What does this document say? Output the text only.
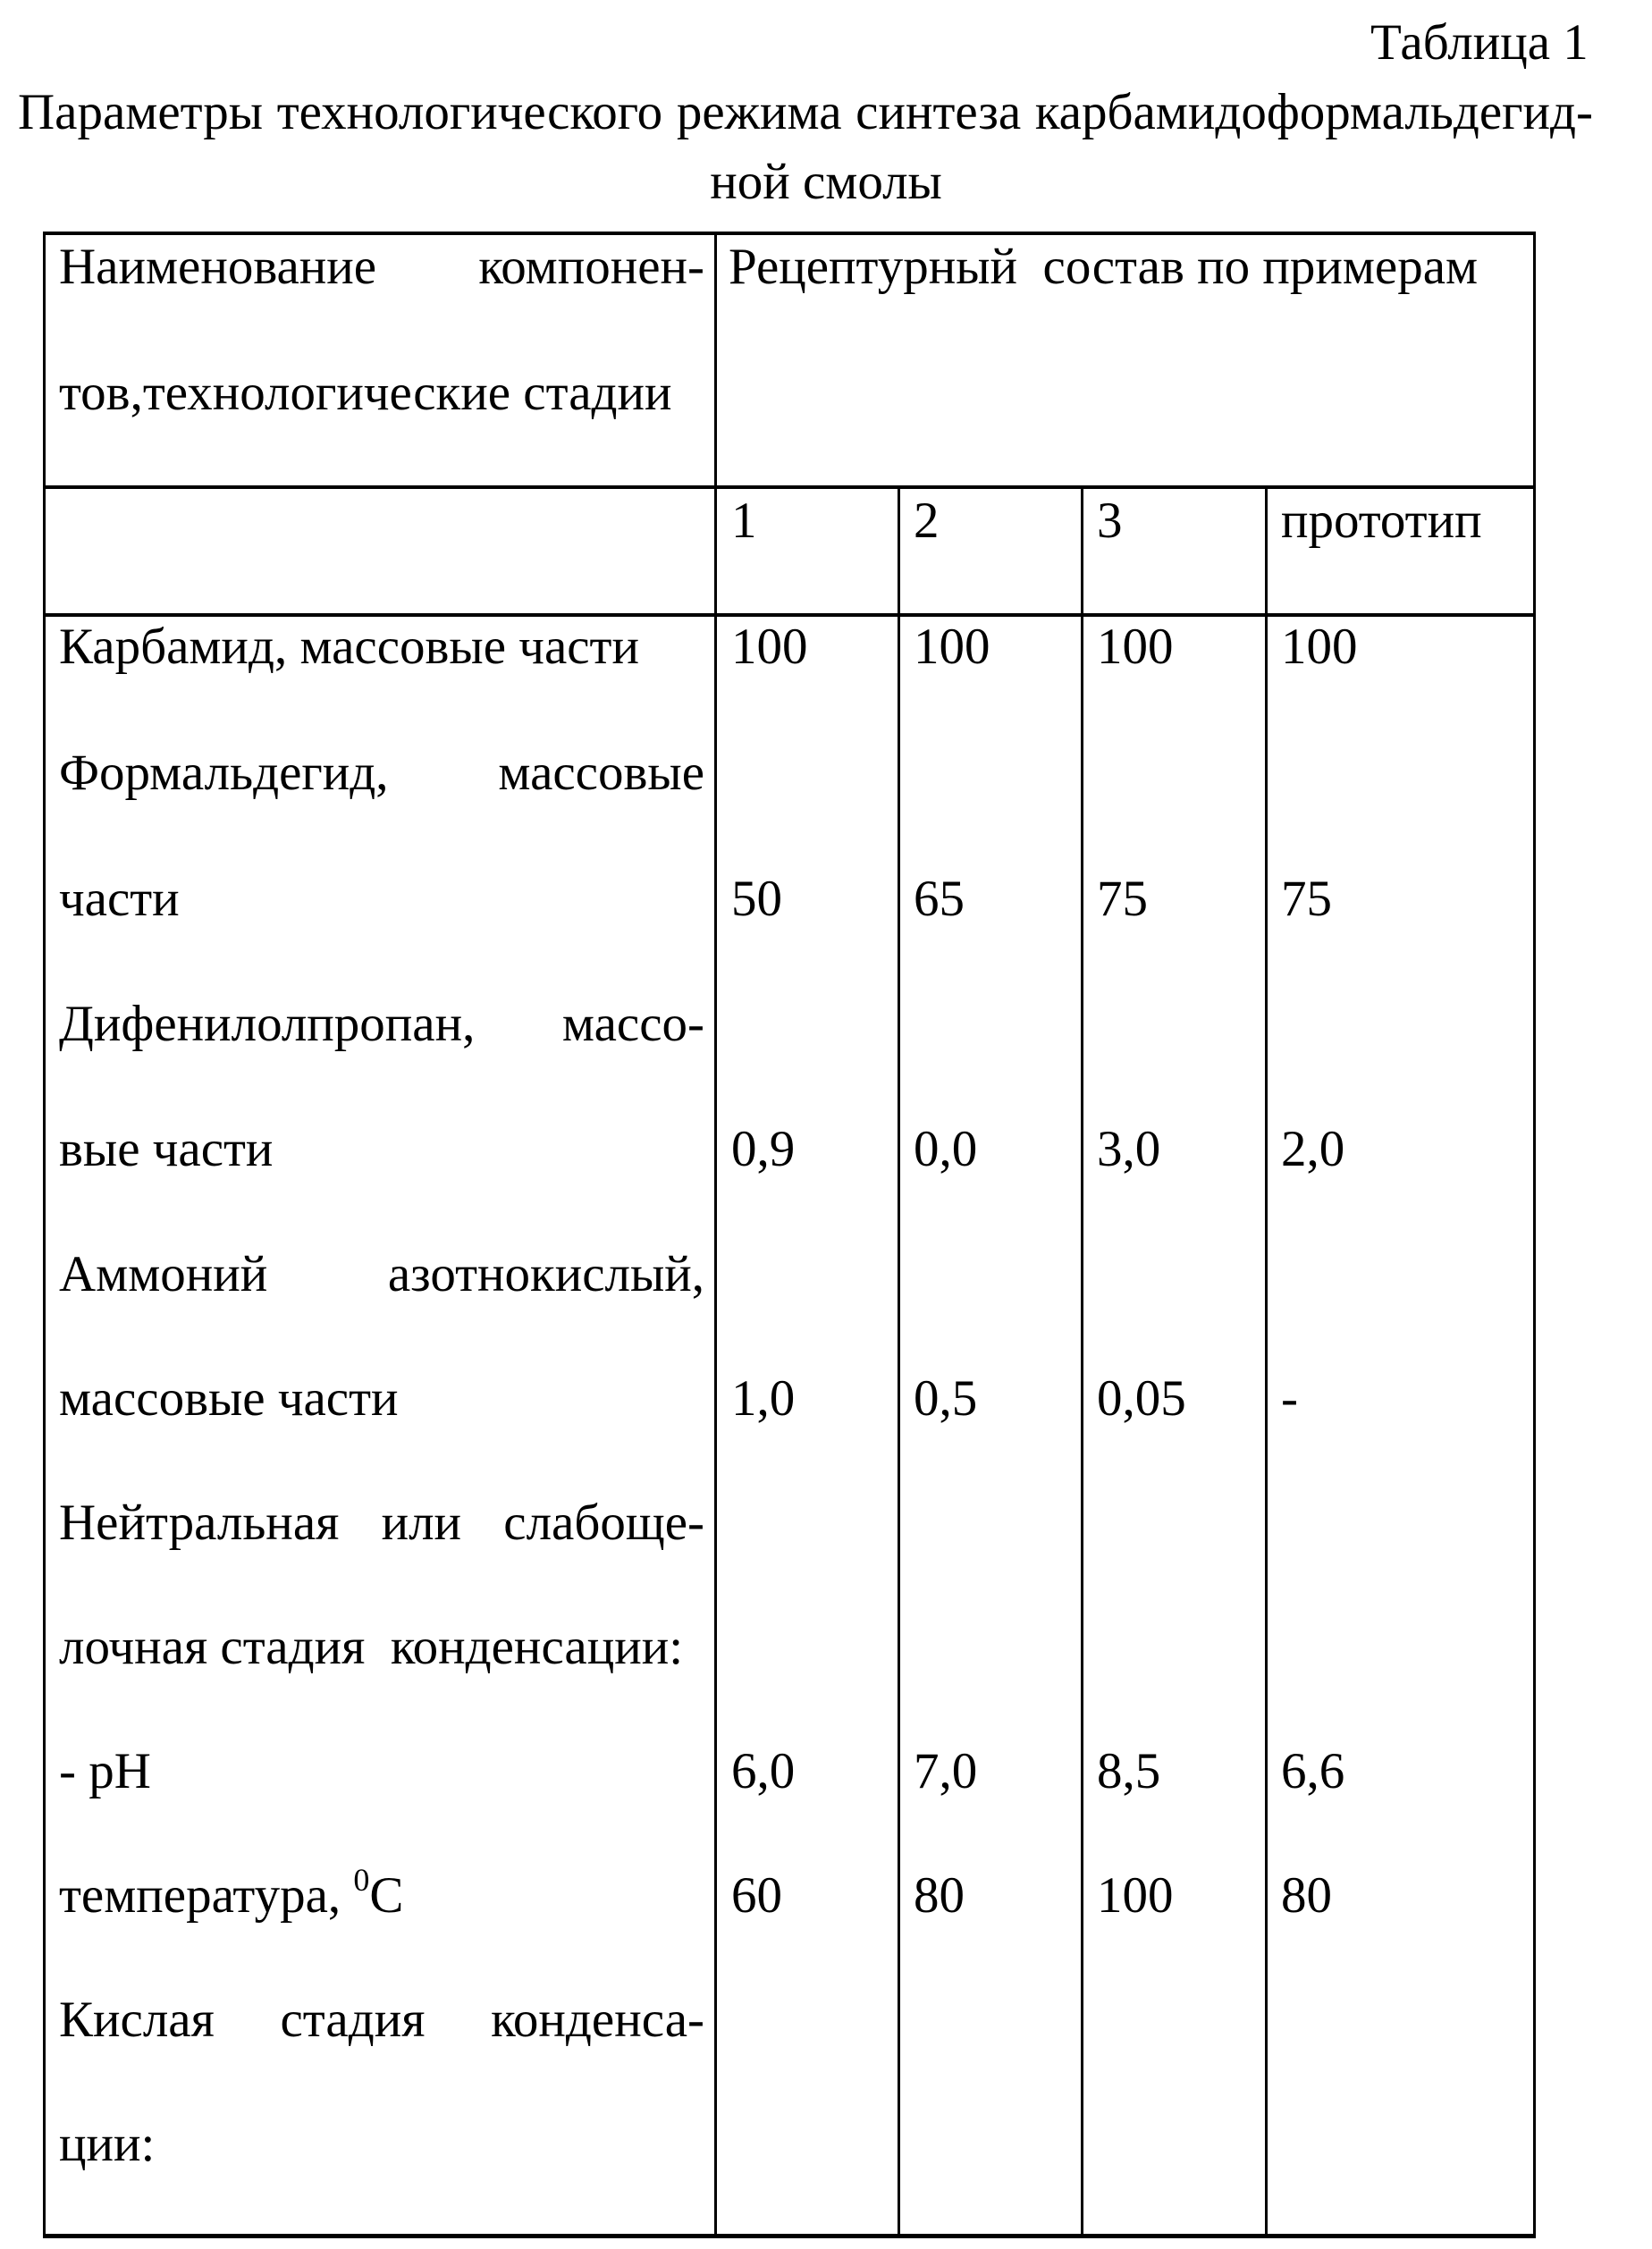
Таблица 1
Параметры технологического режима синтеза карбамидоформальдегид-
ной смолы
Наименование компонен-
тов,технологические стадии
Рецептурный  состав по примерам
1	2	3	прототип
Карбамид, массовые части	100 100 100 100
Формальдегид, массовые
части	50	65	75	75
Дифенилолпропан, массо-
вые части	0,9 0,0 3,0 2,0
Аммоний азотнокислый,
массовые части	1,0 0,5 0,05 -
Нейтральная или слабоще-
лочная стадия  конденсации:
- pH	6,0 7,0 8,5 6,6
температура, 0C	60	80	100 80
Кислая стадия конденса-
ции:
